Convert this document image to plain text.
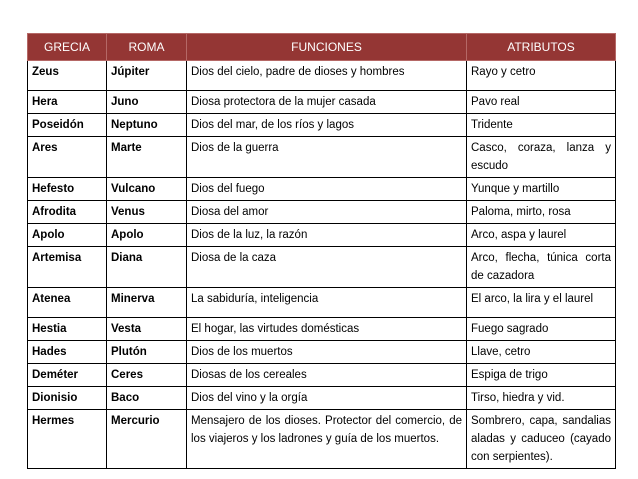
GRECIA	ROMA	FUNCIONES	ATRIBUTOS
Zeus	Júpiter	Dios del cielo, padre de dioses y hombres	Rayo y cetro
Hera	Juno	Diosa protectora de la mujer casada	Pavo real
Poseidón	Neptuno	Dios del mar, de los ríos y lagos	Tridente
Ares	Marte	Dios de la guerra	Casco, coraza, lanza y escudo
Hefesto	Vulcano	Dios del fuego	Yunque y martillo
Afrodita	Venus	Diosa del amor	Paloma, mirto, rosa
Apolo	Apolo	Dios de la luz, la razón	Arco, aspa y laurel
Artemisa	Diana	Diosa de la caza	Arco, flecha, túnica corta de cazadora
Atenea	Minerva	La sabiduría, inteligencia	El arco, la lira y el laurel
Hestia	Vesta	El hogar, las virtudes domésticas	Fuego sagrado
Hades	Plutón	Dios de los muertos	Llave, cetro
Deméter	Ceres	Diosas de los cereales	Espiga de trigo
Dionisio	Baco	Dios del vino y la orgía	Tirso, hiedra y vid.
Hermes	Mercurio	Mensajero de los dioses. Protector del comercio, de los viajeros y los ladrones y guía de los muertos.	Sombrero, capa, sandalias aladas y caduceo (cayado con serpientes).
